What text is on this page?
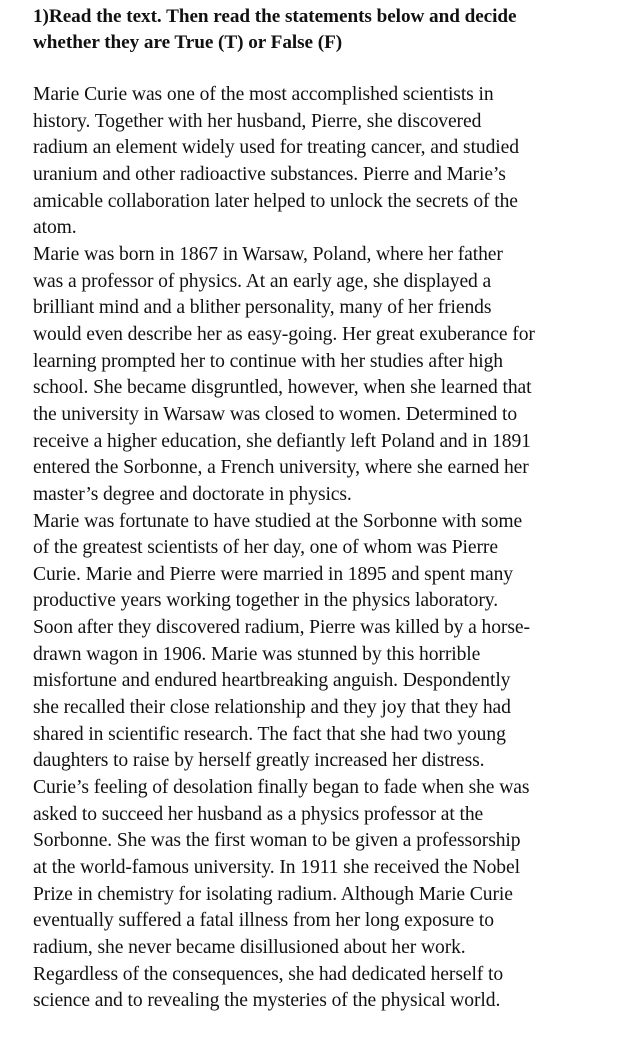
1)Read the text. Then read the statements below and decide
whether they are True (T) or False (F)

Marie Curie was one of the most accomplished scientists in
history. Together with her husband, Pierre, she discovered
radium an element widely used for treating cancer, and studied
uranium and other radioactive substances. Pierre and Marie’s
amicable collaboration later helped to unlock the secrets of the
atom.

Marie was born in 1867 in Warsaw, Poland, where her father
was a professor of physics. At an early age, she displayed a
brilliant mind and a blither personality, many of her friends
would even describe her as easy-going. Her great exuberance for
learning prompted her to continue with her studies after high
school. She became disgruntled, however, when she learned that
the university in Warsaw was closed to women. Determined to
receive a higher education, she defiantly left Poland and in 1891
entered the Sorbonne, a French university, where she earned her
master’s degree and doctorate in physics.

Marie was fortunate to have studied at the Sorbonne with some
of the greatest scientists of her day, one of whom was Pierre
Curie. Marie and Pierre were married in 1895 and spent many
productive years working together in the physics laboratory.
Soon after they discovered radium, Pierre was killed by a horse-
drawn wagon in 1906. Marie was stunned by this horrible
misfortune and endured heartbreaking anguish. Despondently
she recalled their close relationship and they joy that they had
shared in scientific research. The fact that she had two young
daughters to raise by herself greatly increased her distress.
Curie’s feeling of desolation finally began to fade when she was
asked to succeed her husband as a physics professor at the
Sorbonne. She was the first woman to be given a professorship
at the world-famous university. In 1911 she received the Nobel
Prize in chemistry for isolating radium. Although Marie Curie
eventually suffered a fatal illness from her long exposure to
radium, she never became disillusioned about her work.
Regardless of the consequences, she had dedicated herself to
science and to revealing the mysteries of the physical world.
